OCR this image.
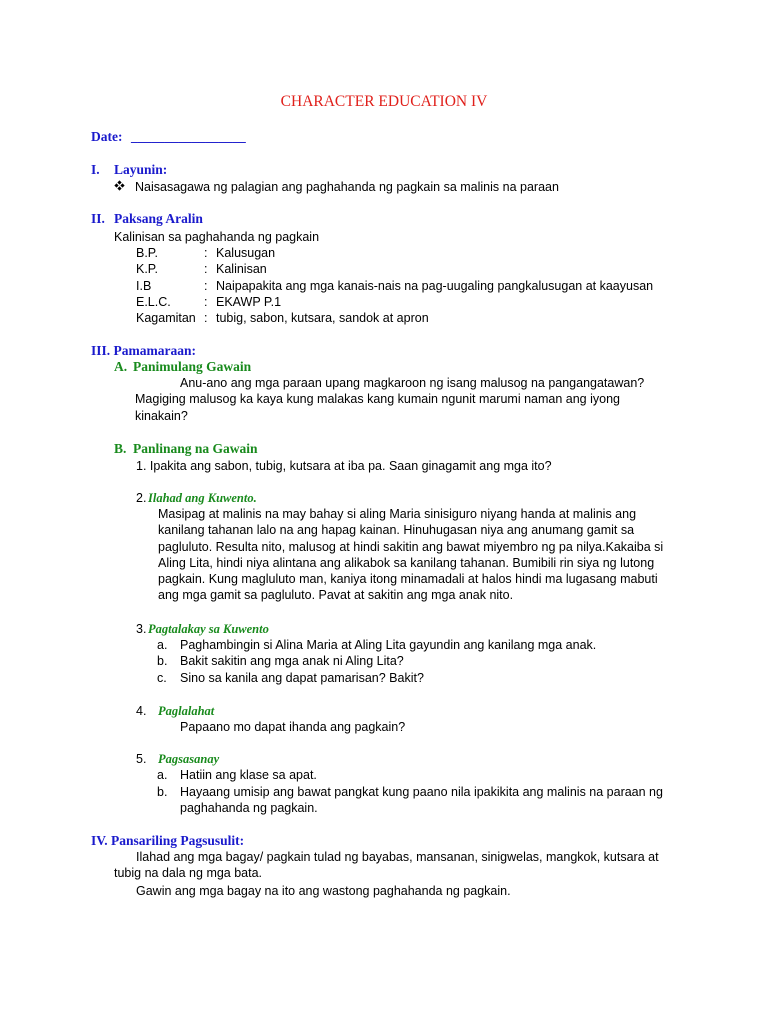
CHARACTER EDUCATION IV
Date: _________________
I. Layunin:
Naisasagawa ng palagian ang paghahanda ng pagkain sa malinis na paraan
II. Paksang Aralin
Kalinisan sa paghahanda ng pagkain
B.P.	: Kalusugan
K.P.	: Kalinisan
I.B	: Naipapakita ang mga kanais-nais na pag-uugaling pangkalusugan at kaayusan
E.L.C.	: EKAWP P.1
Kagamitan : tubig, sabon, kutsara, sandok at apron
III. Pamamaraan:
A. Panimulang Gawain
Anu-ano ang mga paraan upang magkaroon ng isang malusog na pangangatawan?
Magiging malusog ka kaya kung malakas kang kumain ngunit marumi naman ang iyong
kinakain?
B. Panlinang na Gawain
1. Ipakita ang sabon, tubig, kutsara at iba pa. Saan ginagamit ang mga ito?
2. Ilahad ang Kuwento.
Masipag at malinis na may bahay si aling Maria sinisiguro niyang handa at malinis ang
kanilang tahanan lalo na ang hapag kainan. Hinuhugasan niya ang anumang gamit sa
pagluluto. Resulta nito, malusog at hindi sakitin ang bawat miyembro ng pa nilya.Kakaiba si
Aling Lita, hindi niya alintana ang alikabok sa kanilang tahanan. Bumibili rin siya ng lutong
pagkain. Kung magluluto man, kaniya itong minamadali at halos hindi ma lugasang mabuti
ang mga gamit sa pagluluto. Pavat at sakitin ang mga anak nito.
3. Pagtalakay sa Kuwento
a. Paghambingin si Alina Maria at Aling Lita gayundin ang kanilang mga anak.
b. Bakit sakitin ang mga anak ni Aling Lita?
c. Sino sa kanila ang dapat pamarisan? Bakit?
4. Paglalahat
Papaano mo dapat ihanda ang pagkain?
5. Pagsasanay
a. Hatiin ang klase sa apat.
b. Hayaang umisip ang bawat pangkat kung paano nila ipakikita ang malinis na paraan ng
paghahanda ng pagkain.
IV. Pansariling Pagsusulit:
Ilahad ang mga bagay/ pagkain tulad ng bayabas, mansanan, sinigwelas, mangkok, kutsara at
tubig na dala ng mga bata.
Gawin ang mga bagay na ito ang wastong paghahanda ng pagkain.
